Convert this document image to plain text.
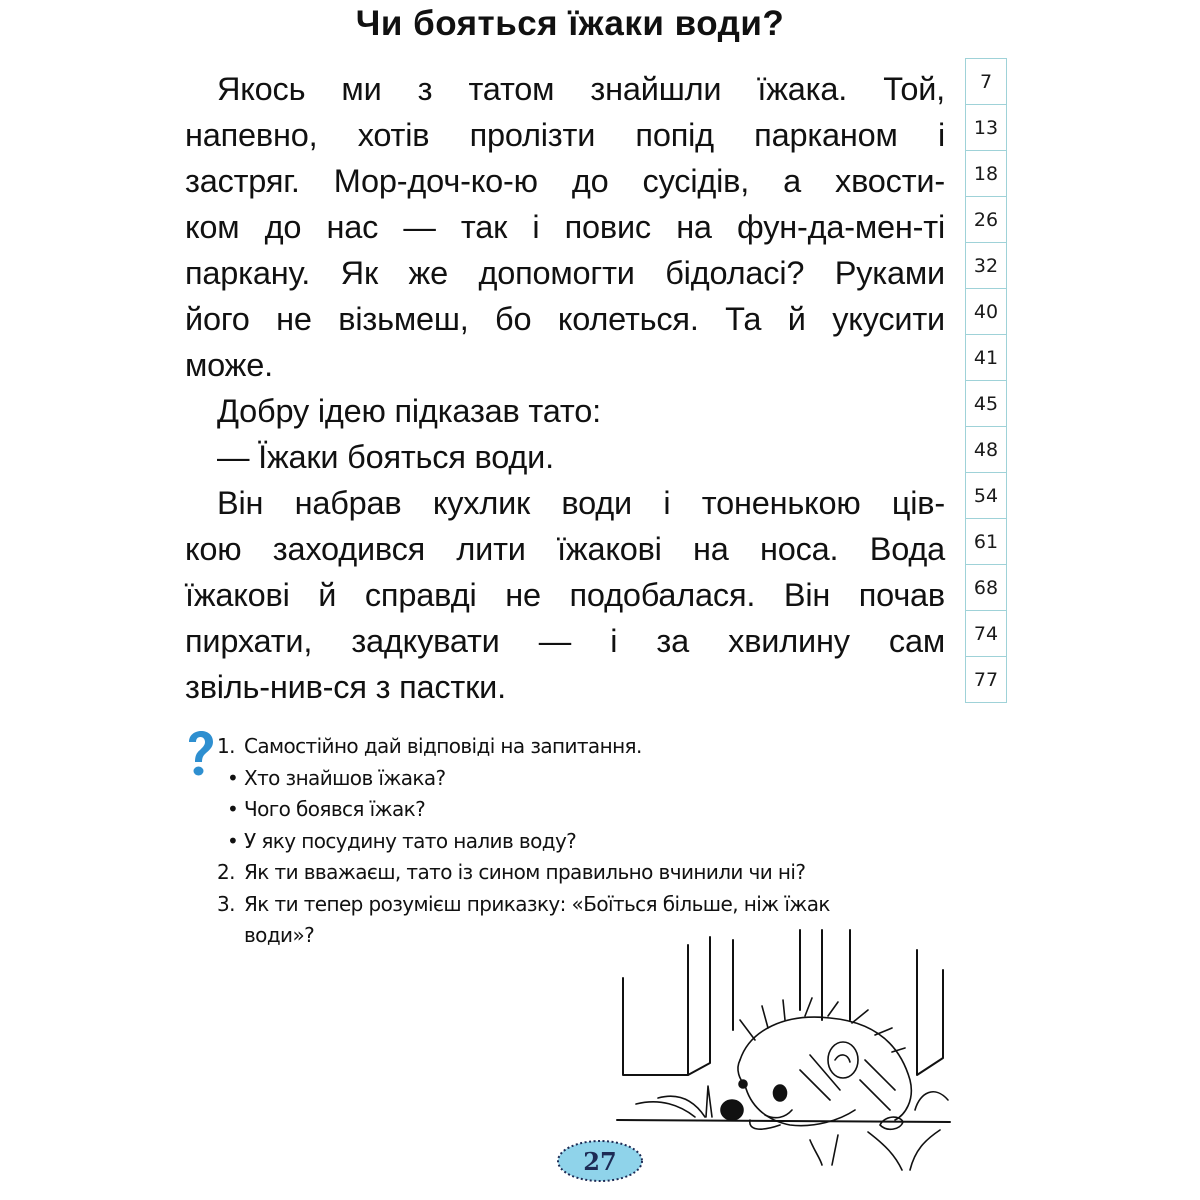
Чи бояться їжаки води?
Якось ми з татом знайшли їжака. Той,
напевно, хотів пролізти попід парканом і
застряг. Мор-доч-ко-ю до сусідів, а хвости-
ком до нас — так і повис на фун-да-мен-ті
паркану. Як же допомогти бідоласі? Руками
його не візьмеш, бо колеться. Та й укусити
може.
Добру ідею підказав тато:
— Їжаки бояться води.
Він набрав кухлик води і тоненькою ців-
кою заходився лити їжакові на носа. Вода
їжакові й справді не подобалася. Він почав
пирхати, задкувати — і за хвилину сам
звіль-нив-ся з пастки.
7
13
18
26
32
40
41
45
48
54
61
68
74
77
1. Самостійно дай відповіді на запитання.
• Хто знайшов їжака?
• Чого боявся їжак?
• У яку посудину тато налив воду?
2. Як ти вважаєш, тато із сином правильно вчинили чи ні?
3. Як ти тепер розумієш приказку: «Боїться більше, ніж їжак
води»?
27
